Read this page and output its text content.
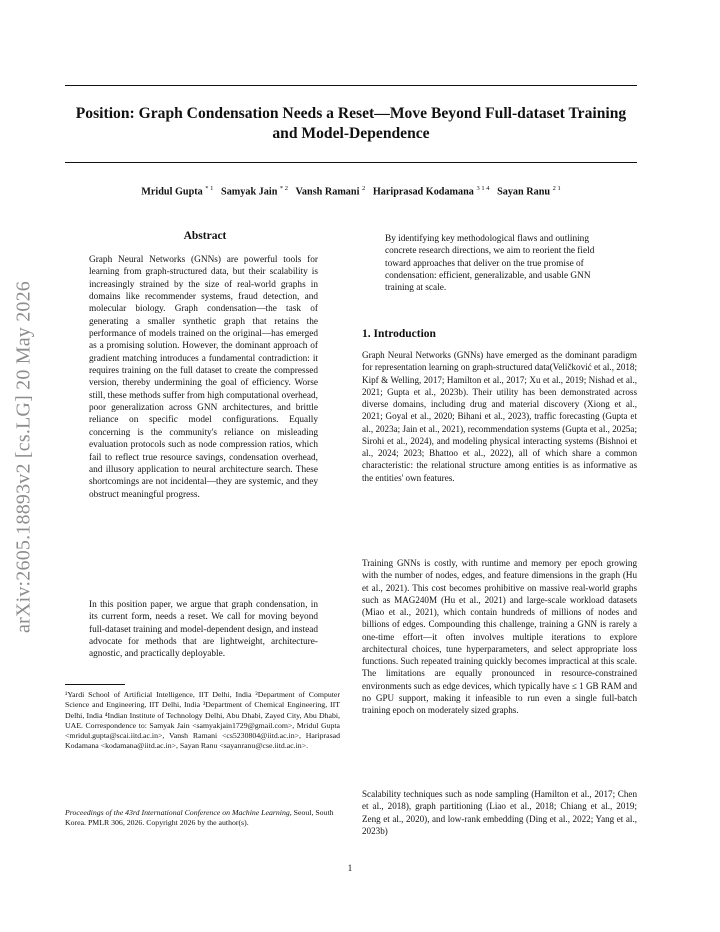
Position: Graph Condensation Needs a Reset—Move Beyond Full-dataset Training and Model-Dependence
Mridul Gupta $^{* 1}$ Samyak Jain $^{* 2}$ Vansh Ramani $^2$ Hariprasad Kodamana $^{3 1 4}$ Sayan Ranu $^{2 1}$
arXiv:2605.18893v2 [cs.LG] 20 May 2026
Abstract

Graph Neural Networks (GNNs) are powerful tools for learning from graph-structured data, but their scalability is increasingly strained by the size of real-world graphs in domains like recommender systems, fraud detection, and molecular biology. Graph condensation—the task of generating a smaller synthetic graph that retains the performance of models trained on the original—has emerged as a promising solution. However, the dominant approach of gradient matching introduces a fundamental contradiction: it requires training on the full dataset to create the compressed version, thereby undermining the goal of efficiency. Worse still, these methods suffer from high computational overhead, poor generalization across GNN architectures, and brittle reliance on specific model configurations. Equally concerning is the community's reliance on misleading evaluation protocols such as node compression ratios, which fail to reflect true resource savings, condensation overhead, and illusory application to neural architecture search. These shortcomings are not incidental—they are systemic, and they obstruct meaningful progress.

In this position paper, we argue that graph condensation, in its current form, needs a reset. We call for moving beyond full-dataset training and model-dependent design, and instead advocate for methods that are lightweight, architecture-agnostic, and practically deployable.

By identifying key methodological flaws and outlining concrete research directions, we aim to reorient the field toward approaches that deliver on the true promise of condensation: efficient, generalizable, and usable GNN training at scale.

¹Yardi School of Artificial Intelligence, IIT Delhi, India ²Department of Computer Science and Engineering, IIT Delhi, India ³Department of Chemical Engineering, IIT Delhi, India ⁴Indian Institute of Technology Delhi, Abu Dhabi, Zayed City, Abu Dhabi, UAE. Correspondence to: Samyak Jain <samyakjain1729@gmail.com>, Mridul Gupta <mridul.gupta@scai.iitd.ac.in>, Vansh Ramani <cs5230804@iitd.ac.in>, Hariprasad Kodamana <kodamana@iitd.ac.in>, Sayan Ranu <sayanranu@cse.iitd.ac.in>.

Proceedings of the 43rd International Conference on Machine Learning, Seoul, South Korea. PMLR 306, 2026. Copyright 2026 by the author(s).

1. Introduction

Graph Neural Networks (GNNs) have emerged as the dominant paradigm for representation learning on graph-structured data(Veličković et al., 2018; Kipf & Welling, 2017; Hamilton et al., 2017; Xu et al., 2019; Nishad et al., 2021; Gupta et al., 2023b). Their utility has been demonstrated across diverse domains, including drug and material discovery (Xiong et al., 2021; Goyal et al., 2020; Bihani et al., 2023), traffic forecasting (Gupta et al., 2023a; Jain et al., 2021), recommendation systems (Gupta et al., 2025a; Sirohi et al., 2024), and modeling physical interacting systems (Bishnoi et al., 2024; 2023; Bhattoo et al., 2022), all of which share a common characteristic: the relational structure among entities is as informative as the entities' own features.

Training GNNs is costly, with runtime and memory per epoch growing with the number of nodes, edges, and feature dimensions in the graph (Hu et al., 2021). This cost becomes prohibitive on massive real-world graphs such as MAG240M (Hu et al., 2021) and large-scale workload datasets (Miao et al., 2021), which contain hundreds of millions of nodes and billions of edges. Compounding this challenge, training a GNN is rarely a one-time effort—it often involves multiple iterations to explore architectural choices, tune hyperparameters, and select appropriate loss functions. Such repeated training quickly becomes impractical at this scale. The limitations are equally pronounced in resource-constrained environments such as edge devices, which typically have ≤ 1 GB RAM and no GPU support, making it infeasible to run even a single full-batch training epoch on moderately sized graphs.

Scalability techniques such as node sampling (Hamilton et al., 2017; Chen et al., 2018), graph partitioning (Liao et al., 2018; Chiang et al., 2019; Zeng et al., 2020), and low-rank embedding (Ding et al., 2022; Yang et al., 2023b)

1
